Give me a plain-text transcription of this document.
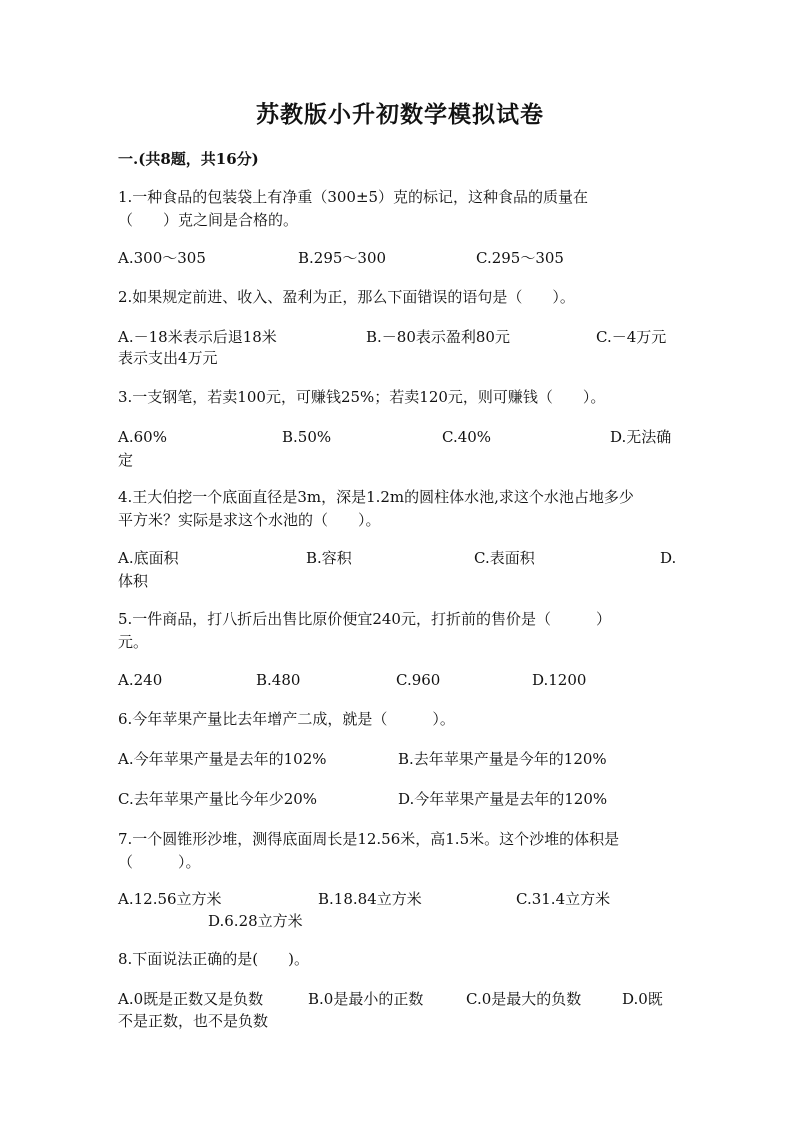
苏教版小升初数学模拟试卷

一.(共8题，共16分)

1.一种食品的包装袋上有净重（300±5）克的标记，这种食品的质量在

（　　）克之间是合格的。

A.300～305	B.295～300	C.295～305

2.如果规定前进、收入、盈利为正，那么下面错误的语句是（　　）。

A.－18米表示后退18米	B.－80表示盈利80元	C.－4万元
表示支出4万元

3.一支钢笔，若卖100元，可赚钱25%；若卖120元，则可赚钱（　　）。

A.60%	B.50%	C.40%	D.无法确
定

4.王大伯挖一个底面直径是3m，深是1.2m的圆柱体水池,求这个水池占地多少

平方米？实际是求这个水池的（　　）。

A.底面积	B.容积	C.表面积	D.
体积

5.一件商品，打八折后出售比原价便宜240元，打折前的售价是（　　　）

元。

A.240	B.480	C.960	D.1200

6.今年苹果产量比去年增产二成，就是（　　　）。

A.今年苹果产量是去年的102%	B.去年苹果产量是今年的120%
C.去年苹果产量比今年少20%	D.今年苹果产量是去年的120%

7.一个圆锥形沙堆，测得底面周长是12.56米，高1.5米。这个沙堆的体积是

（　　　）。

A.12.56立方米	B.18.84立方米	C.31.4立方米
D.6.28立方米

8.下面说法正确的是(　　)。

A.0既是正数又是负数	B.0是最小的正数	C.0是最大的负数	D.0既
不是正数，也不是负数
